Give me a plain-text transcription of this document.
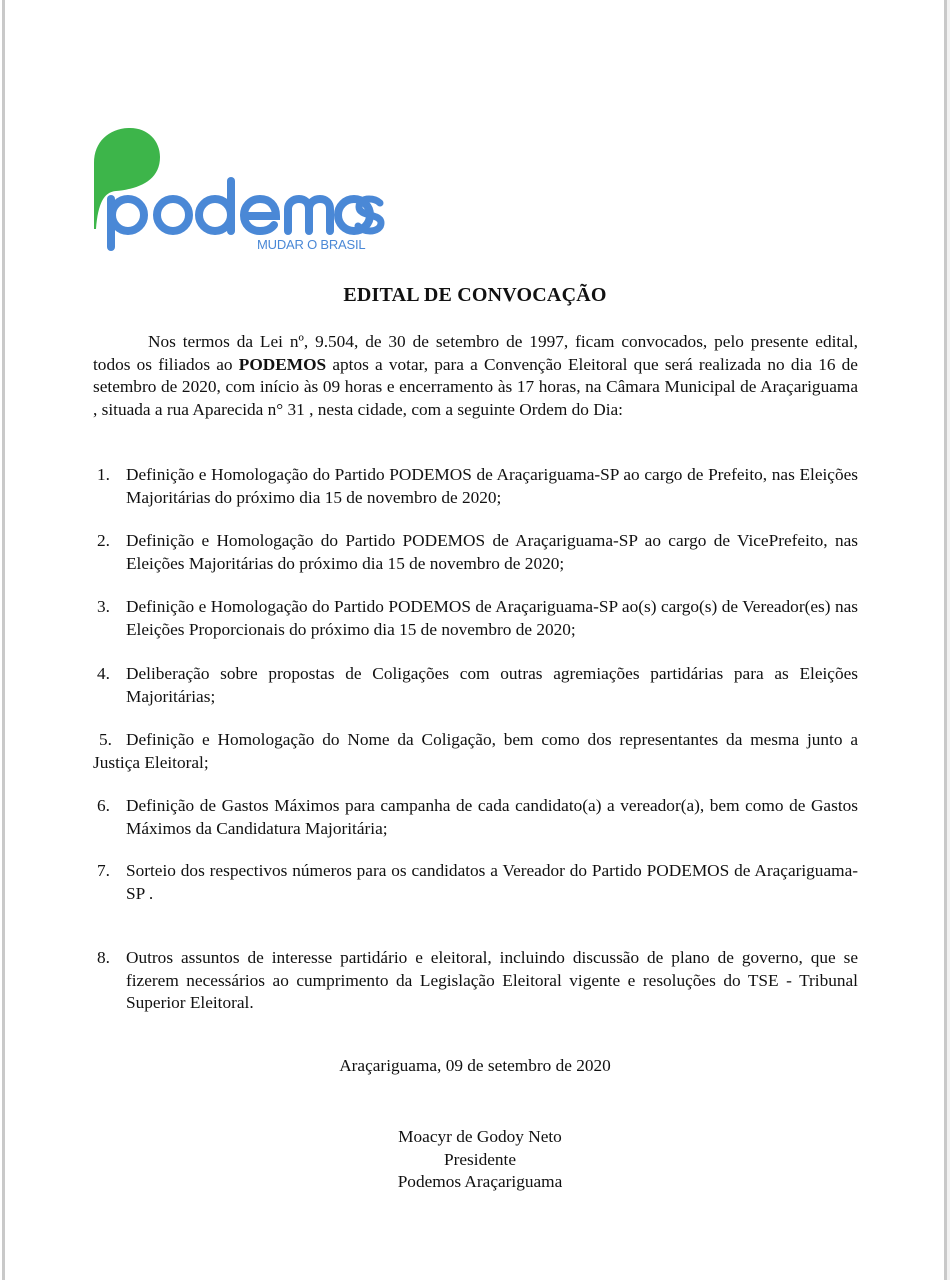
MUDAR O BRASIL
EDITAL DE CONVOCAÇÃO
Nos termos da Lei nº, 9.504, de 30 de setembro de 1997, ficam convocados, pelo presente edital, todos os filiados ao PODEMOS aptos a votar, para a Convenção Eleitoral que será realizada no dia 16 de setembro de 2020, com início às 09 horas e encerramento às 17 horas, na Câmara Municipal de Araçariguama , situada a rua Aparecida n° 31 , nesta cidade, com a seguinte Ordem do Dia:
1. Definição e Homologação do Partido PODEMOS de Araçariguama-SP ao cargo de Prefeito, nas Eleições Majoritárias do próximo dia 15 de novembro de 2020;
2. Definição e Homologação do Partido PODEMOS de Araçariguama-SP ao cargo de VicePrefeito, nas Eleições Majoritárias do próximo dia 15 de novembro de 2020;
3. Definição e Homologação do Partido PODEMOS de Araçariguama-SP ao(s) cargo(s) de Vereador(es) nas Eleições Proporcionais do próximo dia 15 de novembro de 2020;
4. Deliberação sobre propostas de Coligações com outras agremiações partidárias para as Eleições Majoritárias;
5. Definição e Homologação do Nome da Coligação, bem como dos representantes da mesma junto a Justiça Eleitoral;
6. Definição de Gastos Máximos para campanha de cada candidato(a) a vereador(a), bem como de Gastos Máximos da Candidatura Majoritária;
7. Sorteio dos respectivos números para os candidatos a Vereador do Partido PODEMOS de Araçariguama-SP .
8. Outros assuntos de interesse partidário e eleitoral, incluindo discussão de plano de governo, que se fizerem necessários ao cumprimento da Legislação Eleitoral vigente e resoluções do TSE - Tribunal Superior Eleitoral.
Araçariguama, 09 de setembro de 2020
Moacyr de Godoy Neto
Presidente
Podemos Araçariguama
